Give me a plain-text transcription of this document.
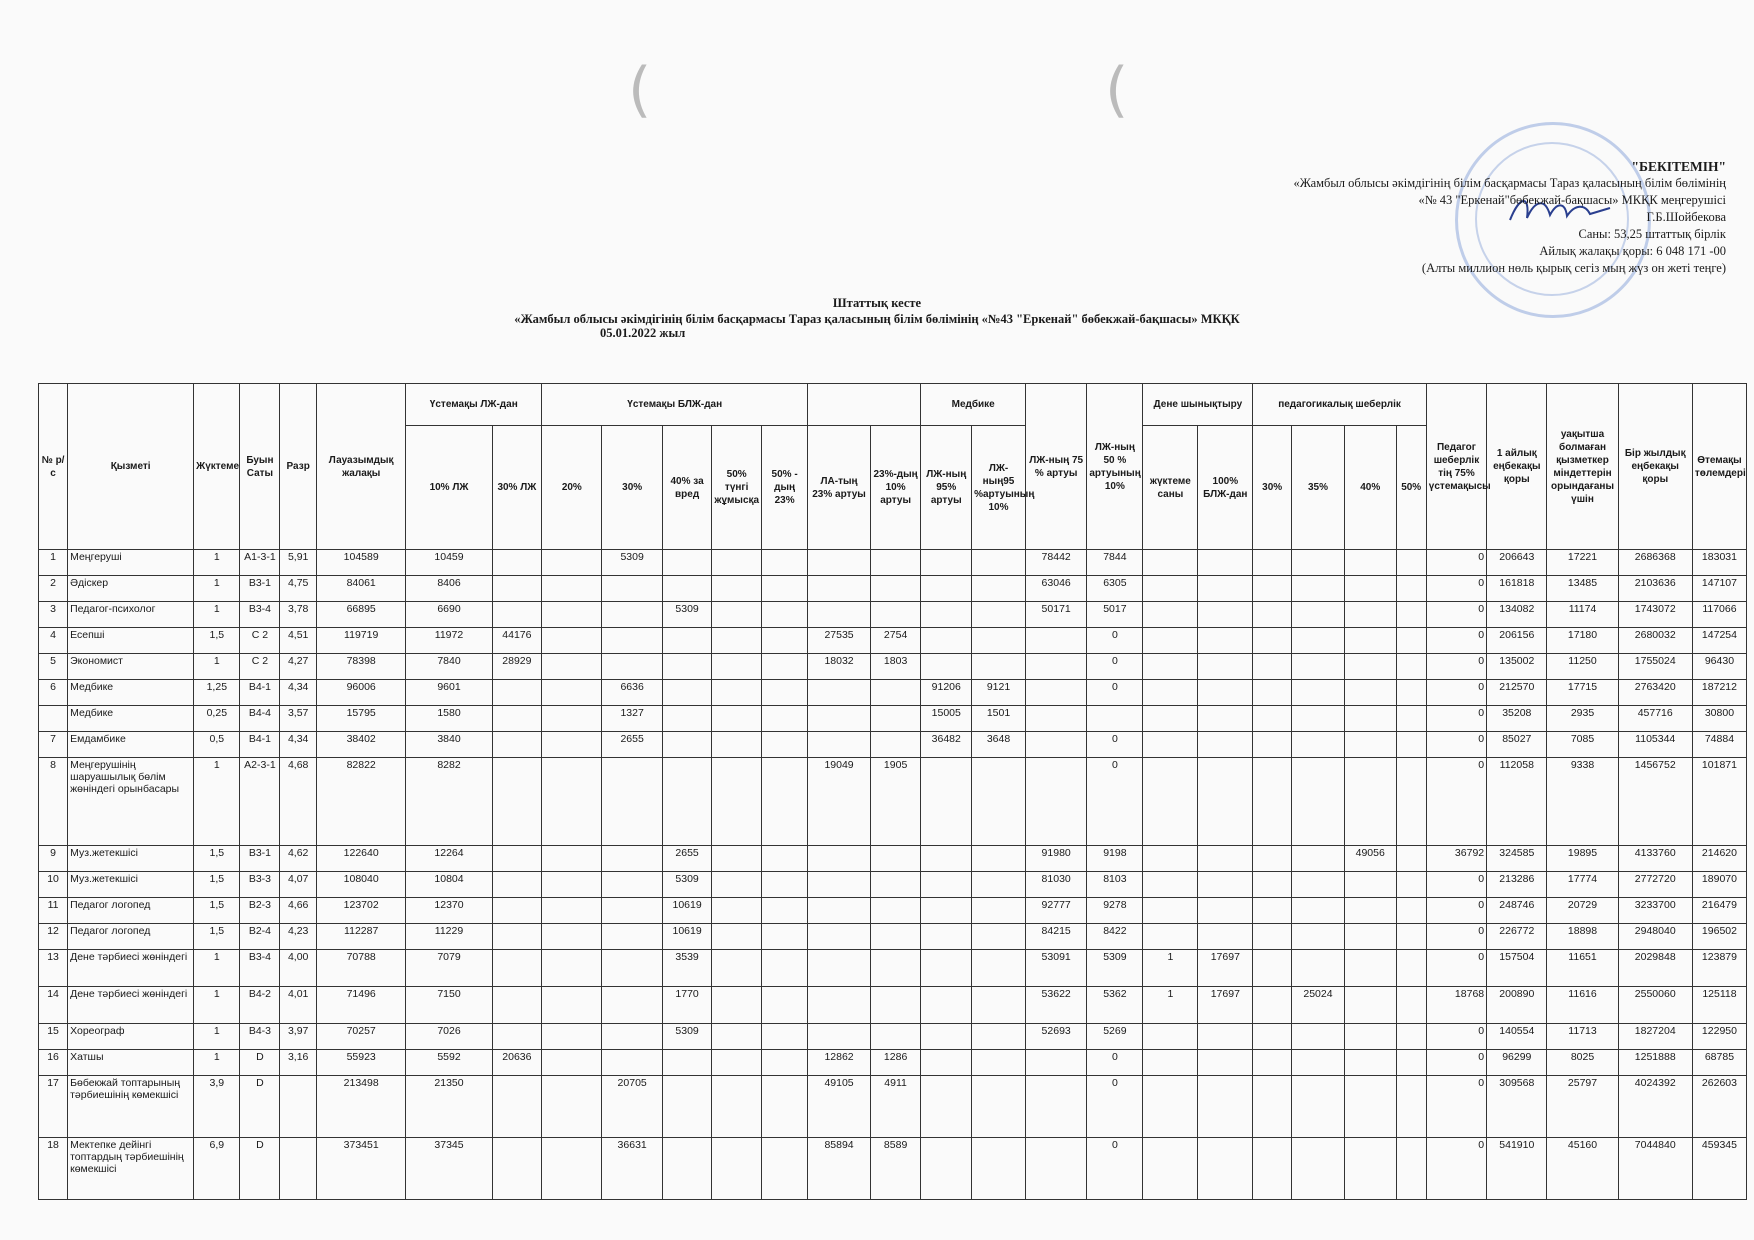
(	(
"БЕКІТЕМІН"
«Жамбыл облысы әкімдігінің білім басқармасы Тараз қаласының білім бөлімінің
«№ 43 "Еркенай"бөбекжай-бақшасы» МКҚК меңгерушісі
Г.Б.Шойбекова
Саны: 53,25 штаттық бірлік
Айлық жалақы қоры: 6 048 171 -00
(Алты миллион нөль қырық сегіз мың жүз он жеті теңге)
Штаттық кесте
«Жамбыл облысы әкімдігінің білім басқармасы Тараз қаласының білім бөлімінің «№43 "Еркенай" бөбекжай-бақшасы» МКҚК
05.01.2022 жыл
№ р/с	Қызметі	Жүктеме	Буын Саты	Разр	Лауазымдық жалақы	Үстемақы ЛЖ-дан		Үстемақы БЛЖ-дан							Медбике		ЛЖ-ның 75 % артуы	ЛЖ-ның 50 % артуының 10%	Дене шынықтыру		педагогикалық шеберлік				Педагог шеберлік тің 75% үстемақысы	1 айлық еңбекақы қоры	уақытша болмаған қызметкер міндеттерін орындағаны үшін	Бір жылдық еңбекақы қоры	Өтемақы төлемдері
						10% ЛЖ	30% ЛЖ	20%	30%	40% за вред	50% түнгі жұмысқа	50% - дың 23%	ЛА-тың 23% артуы	23%-дың 10% артуы	ЛЖ-ның 95% артуы	ЛЖ-ның95 %артуының 10%			жүктеме саны	100% БЛЖ-дан	30%	35%	40%	50%					
1	Меңгеруші	1	А1-3-1	5,91	104589	10459			5309								78442	7844							0	206643	17221	2686368	183031
2	Әдіскер	1	В3-1	4,75	84061	8406											63046	6305							0	161818	13485	2103636	147107
3	Педагог-психолог	1	В3-4	3,78	66895	6690				5309							50171	5017							0	134082	11174	1743072	117066
4	Есепші	1,5	С 2	4,51	119719	11972	44176						27535	2754				0							0	206156	17180	2680032	147254
5	Экономист	1	С 2	4,27	78398	7840	28929						18032	1803				0							0	135002	11250	1755024	96430
6	Медбике	1,25	В4-1	4,34	96006	9601			6636						91206	9121		0							0	212570	17715	2763420	187212
	Медбике	0,25	В4-4	3,57	15795	1580			1327						15005	1501									0	35208	2935	457716	30800
7	Емдамбике	0,5	В4-1	4,34	38402	3840			2655						36482	3648		0							0	85027	7085	1105344	74884
8	Меңгерушінің шаруашылық бөлім жөніндегі орынбасары	1	А2-3-1	4,68	82822	8282							19049	1905				0							0	112058	9338	1456752	101871
9	Муз.жетекшісі	1,5	В3-1	4,62	122640	12264				2655							91980	9198					49056		36792	324585	19895	4133760	214620
10	Муз.жетекшісі	1,5	В3-3	4,07	108040	10804				5309							81030	8103							0	213286	17774	2772720	189070
11	Педагог логопед	1,5	В2-3	4,66	123702	12370				10619							92777	9278							0	248746	20729	3233700	216479
12	Педагог логопед	1,5	В2-4	4,23	112287	11229				10619							84215	8422							0	226772	18898	2948040	196502
13	Дене тәрбиесі жөніндегі	1	В3-4	4,00	70788	7079				3539							53091	5309	1	17697					0	157504	11651	2029848	123879
14	Дене тәрбиесі жөніндегі	1	В4-2	4,01	71496	7150				1770							53622	5362	1	17697		25024			18768	200890	11616	2550060	125118
15	Хореограф	1	В4-3	3,97	70257	7026				5309							52693	5269							0	140554	11713	1827204	122950
16	Хатшы	1	D	3,16	55923	5592	20636						12862	1286				0							0	96299	8025	1251888	68785
17	Бөбекжай топтарының тәрбиешінің көмекшісі	3,9	D		213498	21350			20705				49105	4911				0							0	309568	25797	4024392	262603
18	Мектепке дейінгі топтардың тәрбиешінің көмекшісі	6,9	D		373451	37345			36631				85894	8589				0							0	541910	45160	7044840	459345
